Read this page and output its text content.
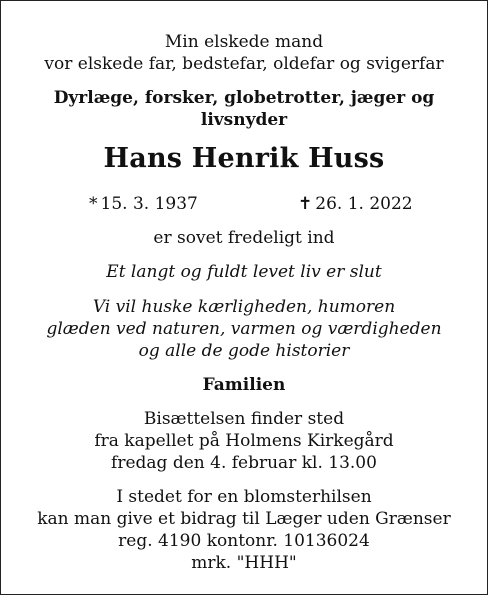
Min elskede mand
vor elskede far, bedstefar, oldefar og svigerfar
Dyrlæge, forsker, globetrotter, jæger og
livsnyder
Hans Henrik Huss
* 15. 3. 1937	✝ 26. 1. 2022
er sovet fredeligt ind
Et langt og fuldt levet liv er slut
Vi vil huske kærligheden, humoren
glæden ved naturen, varmen og værdigheden
og alle de gode historier
Familien
Bisættelsen finder sted
fra kapellet på Holmens Kirkegård
fredag den 4. februar kl. 13.00
I stedet for en blomsterhilsen
kan man give et bidrag til Læger uden Grænser
reg. 4190 kontonr. 10136024
mrk. "HHH"
